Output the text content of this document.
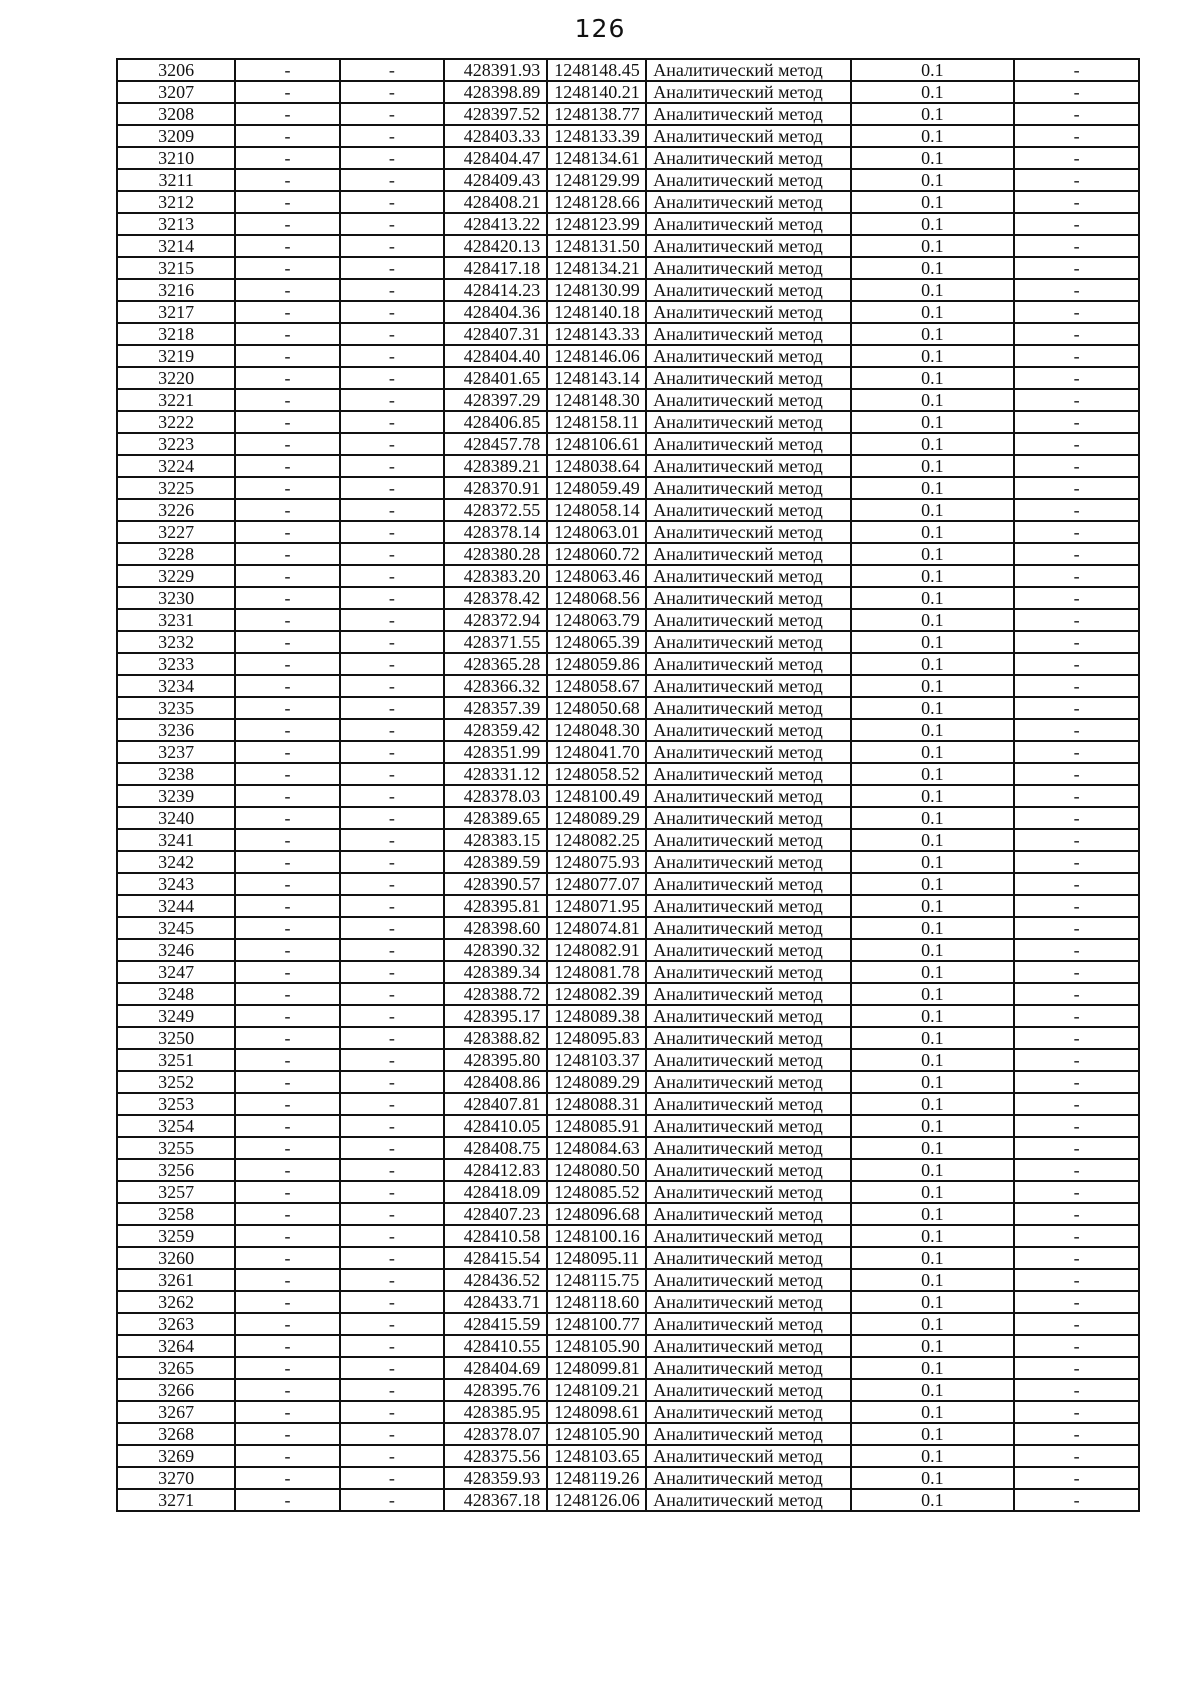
126
3206	-	-	428391.93	1248148.45	Аналитический метод	0.1	-
3207	-	-	428398.89	1248140.21	Аналитический метод	0.1	-
3208	-	-	428397.52	1248138.77	Аналитический метод	0.1	-
3209	-	-	428403.33	1248133.39	Аналитический метод	0.1	-
3210	-	-	428404.47	1248134.61	Аналитический метод	0.1	-
3211	-	-	428409.43	1248129.99	Аналитический метод	0.1	-
3212	-	-	428408.21	1248128.66	Аналитический метод	0.1	-
3213	-	-	428413.22	1248123.99	Аналитический метод	0.1	-
3214	-	-	428420.13	1248131.50	Аналитический метод	0.1	-
3215	-	-	428417.18	1248134.21	Аналитический метод	0.1	-
3216	-	-	428414.23	1248130.99	Аналитический метод	0.1	-
3217	-	-	428404.36	1248140.18	Аналитический метод	0.1	-
3218	-	-	428407.31	1248143.33	Аналитический метод	0.1	-
3219	-	-	428404.40	1248146.06	Аналитический метод	0.1	-
3220	-	-	428401.65	1248143.14	Аналитический метод	0.1	-
3221	-	-	428397.29	1248148.30	Аналитический метод	0.1	-
3222	-	-	428406.85	1248158.11	Аналитический метод	0.1	-
3223	-	-	428457.78	1248106.61	Аналитический метод	0.1	-
3224	-	-	428389.21	1248038.64	Аналитический метод	0.1	-
3225	-	-	428370.91	1248059.49	Аналитический метод	0.1	-
3226	-	-	428372.55	1248058.14	Аналитический метод	0.1	-
3227	-	-	428378.14	1248063.01	Аналитический метод	0.1	-
3228	-	-	428380.28	1248060.72	Аналитический метод	0.1	-
3229	-	-	428383.20	1248063.46	Аналитический метод	0.1	-
3230	-	-	428378.42	1248068.56	Аналитический метод	0.1	-
3231	-	-	428372.94	1248063.79	Аналитический метод	0.1	-
3232	-	-	428371.55	1248065.39	Аналитический метод	0.1	-
3233	-	-	428365.28	1248059.86	Аналитический метод	0.1	-
3234	-	-	428366.32	1248058.67	Аналитический метод	0.1	-
3235	-	-	428357.39	1248050.68	Аналитический метод	0.1	-
3236	-	-	428359.42	1248048.30	Аналитический метод	0.1	-
3237	-	-	428351.99	1248041.70	Аналитический метод	0.1	-
3238	-	-	428331.12	1248058.52	Аналитический метод	0.1	-
3239	-	-	428378.03	1248100.49	Аналитический метод	0.1	-
3240	-	-	428389.65	1248089.29	Аналитический метод	0.1	-
3241	-	-	428383.15	1248082.25	Аналитический метод	0.1	-
3242	-	-	428389.59	1248075.93	Аналитический метод	0.1	-
3243	-	-	428390.57	1248077.07	Аналитический метод	0.1	-
3244	-	-	428395.81	1248071.95	Аналитический метод	0.1	-
3245	-	-	428398.60	1248074.81	Аналитический метод	0.1	-
3246	-	-	428390.32	1248082.91	Аналитический метод	0.1	-
3247	-	-	428389.34	1248081.78	Аналитический метод	0.1	-
3248	-	-	428388.72	1248082.39	Аналитический метод	0.1	-
3249	-	-	428395.17	1248089.38	Аналитический метод	0.1	-
3250	-	-	428388.82	1248095.83	Аналитический метод	0.1	-
3251	-	-	428395.80	1248103.37	Аналитический метод	0.1	-
3252	-	-	428408.86	1248089.29	Аналитический метод	0.1	-
3253	-	-	428407.81	1248088.31	Аналитический метод	0.1	-
3254	-	-	428410.05	1248085.91	Аналитический метод	0.1	-
3255	-	-	428408.75	1248084.63	Аналитический метод	0.1	-
3256	-	-	428412.83	1248080.50	Аналитический метод	0.1	-
3257	-	-	428418.09	1248085.52	Аналитический метод	0.1	-
3258	-	-	428407.23	1248096.68	Аналитический метод	0.1	-
3259	-	-	428410.58	1248100.16	Аналитический метод	0.1	-
3260	-	-	428415.54	1248095.11	Аналитический метод	0.1	-
3261	-	-	428436.52	1248115.75	Аналитический метод	0.1	-
3262	-	-	428433.71	1248118.60	Аналитический метод	0.1	-
3263	-	-	428415.59	1248100.77	Аналитический метод	0.1	-
3264	-	-	428410.55	1248105.90	Аналитический метод	0.1	-
3265	-	-	428404.69	1248099.81	Аналитический метод	0.1	-
3266	-	-	428395.76	1248109.21	Аналитический метод	0.1	-
3267	-	-	428385.95	1248098.61	Аналитический метод	0.1	-
3268	-	-	428378.07	1248105.90	Аналитический метод	0.1	-
3269	-	-	428375.56	1248103.65	Аналитический метод	0.1	-
3270	-	-	428359.93	1248119.26	Аналитический метод	0.1	-
3271	-	-	428367.18	1248126.06	Аналитический метод	0.1	-
